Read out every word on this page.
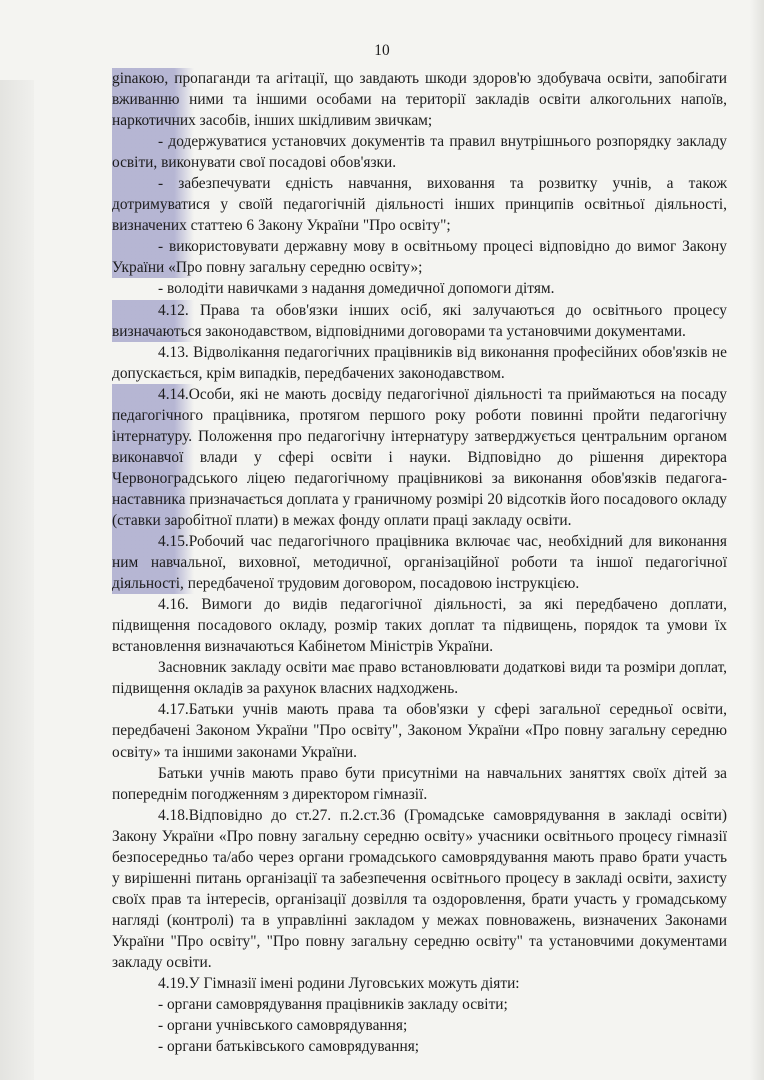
10

ginaкою, пропаганди та агітації, що завдають шкоди здоров'ю здобувача освіти, запобігати вживанню ними та іншими особами на території закладів освіти алкогольних напоїв, наркотичних засобів, інших шкідливим звичкам;

- додержуватися установчих документів та правил внутрішнього розпорядку закладу освіти, виконувати свої посадові обов'язки.

- забезпечувати єдність навчання, виховання та розвитку учнів, а також дотримуватися у своїй педагогічній діяльності інших принципів освітньої діяльності, визначених статтею 6 Закону України "Про освіту";

- використовувати державну мову в освітньому процесі відповідно до вимог Закону України «Про повну загальну середню освіту»;

- володіти навичками з надання домедичної допомоги дітям.

4.12. Права та обов'язки інших осіб, які залучаються до освітнього процесу визначаються законодавством, відповідними договорами та установчими документами.

4.13. Відволікання педагогічних працівників від виконання професійних обов'язків не допускається, крім випадків, передбачених законодавством.

4.14.Особи, які не мають досвіду педагогічної діяльності та приймаються на посаду педагогічного працівника, протягом першого року роботи повинні пройти педагогічну інтернатуру. Положення про педагогічну інтернатуру затверджується центральним органом виконавчої влади у сфері освіти і науки. Відповідно до рішення директора Червоноградського ліцею педагогічному працівникові за виконання обов'язків педагога-наставника призначається доплата у граничному розмірі 20 відсотків його посадового окладу (ставки заробітної плати) в межах фонду оплати праці закладу освіти.

4.15.Робочий час педагогічного працівника включає час, необхідний для виконання ним навчальної, виховної, методичної, організаційної роботи та іншої педагогічної діяльності, передбаченої трудовим договором, посадовою інструкцією.

4.16. Вимоги до видів педагогічної діяльності, за які передбачено доплати, підвищення посадового окладу, розмір таких доплат та підвищень, порядок та умови їх встановлення визначаються Кабінетом Міністрів України.

Засновник закладу освіти має право встановлювати додаткові види та розміри доплат, підвищення окладів за рахунок власних надходжень.

4.17.Батьки учнів мають права та обов'язки у сфері загальної середньої освіти, передбачені Законом України "Про освіту", Законом України «Про повну загальну середню освіту» та іншими законами України.

Батьки учнів мають право бути присутніми на навчальних заняттях своїх дітей за попереднім погодженням з директором гімназії.

4.18.Відповідно до ст.27. п.2.ст.36 (Громадське самоврядування в закладі освіти) Закону України «Про повну загальну середню освіту» учасники освітнього процесу гімназії безпосередньо та/або через органи громадського самоврядування мають право брати участь у вирішенні питань організації та забезпечення освітнього процесу в закладі освіти, захисту своїх прав та інтересів, організації дозвілля та оздоровлення, брати участь у громадському нагляді (контролі) та в управлінні закладом у межах повноважень, визначених Законами України "Про освіту", "Про повну загальну середню освіту" та установчими документами закладу освіти.

4.19.У Гімназії імені родини Луговських можуть діяти:

- органи самоврядування працівників закладу освіти;

- органи учнівського самоврядування;

- органи батьківського самоврядування;
